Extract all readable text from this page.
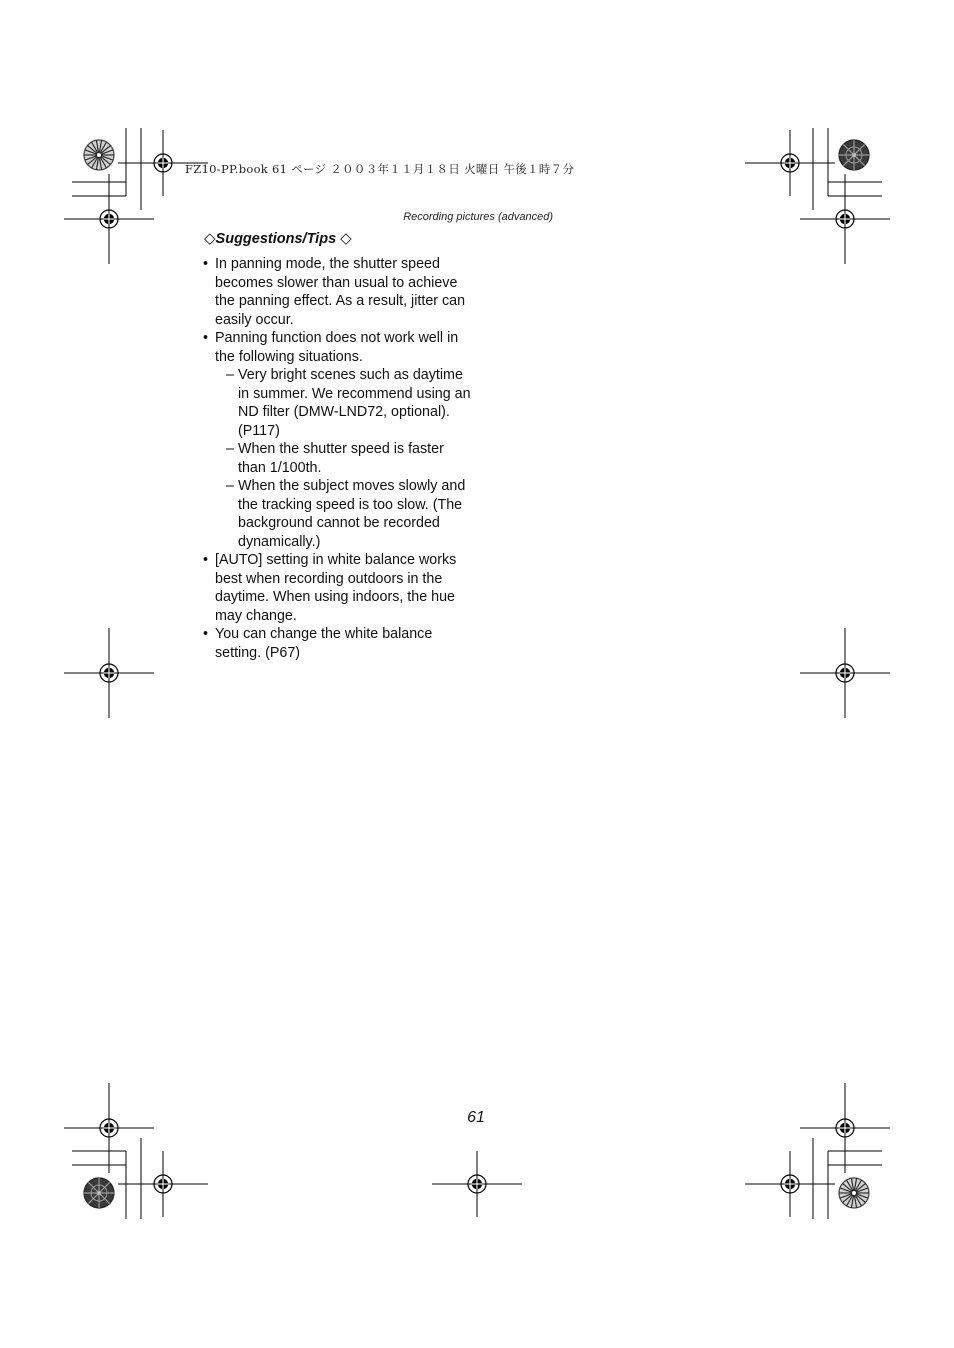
FZ10-PP.book 61 ページ ２００３年１１月１８日 火曜日 午後１時７分
Recording pictures (advanced)
◇Suggestions/Tips ◇
• In panning mode, the shutter speed becomes slower than usual to achieve the panning effect. As a result, jitter can easily occur.
• Panning function does not work well in the following situations.
– Very bright scenes such as daytime in summer. We recommend using an ND filter (DMW-LND72, optional). (P117)
– When the shutter speed is faster than 1/100th.
– When the subject moves slowly and the tracking speed is too slow. (The background cannot be recorded dynamically.)
• [AUTO] setting in white balance works best when recording outdoors in the daytime. When using indoors, the hue may change.
• You can change the white balance setting. (P67)
61
